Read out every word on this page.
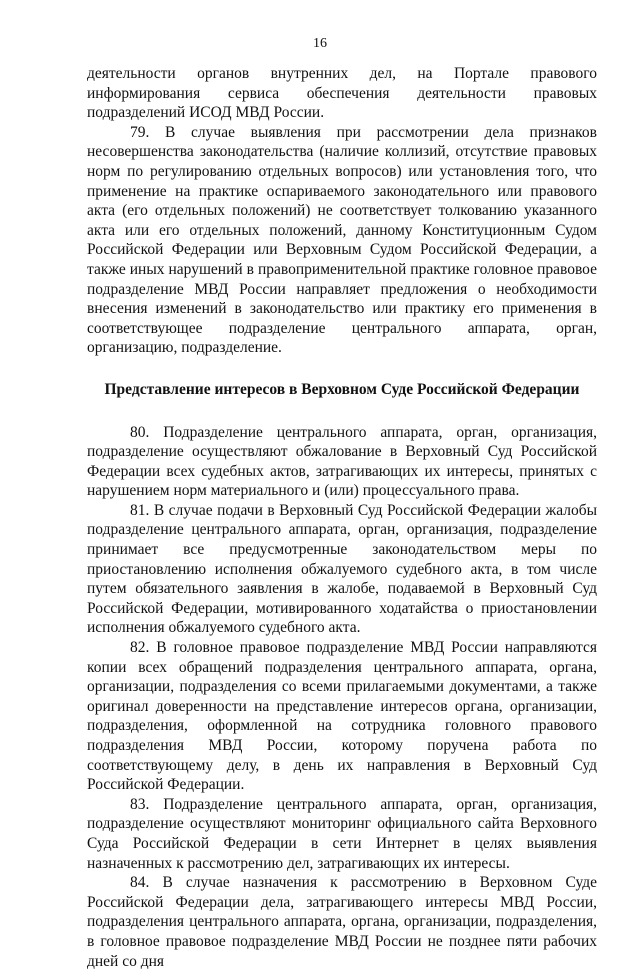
16

деятельности органов внутренних дел, на Портале правового информирования сервиса обеспечения деятельности правовых подразделений ИСОД МВД России.

79. В случае выявления при рассмотрении дела признаков несовершенства законодательства (наличие коллизий, отсутствие правовых норм по регулированию отдельных вопросов) или установления того, что применение на практике оспариваемого законодательного или правового акта (его отдельных положений) не соответствует толкованию указанного акта или его отдельных положений, данному Конституционным Судом Российской Федерации или Верховным Судом Российской Федерации, а также иных нарушений в правоприменительной практике головное правовое подразделение МВД России направляет предложения о необходимости внесения изменений в законодательство или практику его применения в соответствующее подразделение центрального аппарата, орган, организацию, подразделение.

Представление интересов в Верховном Суде Российской Федерации

80. Подразделение центрального аппарата, орган, организация, подразделение осуществляют обжалование в Верховный Суд Российской Федерации всех судебных актов, затрагивающих их интересы, принятых с нарушением норм материального и (или) процессуального права.

81. В случае подачи в Верховный Суд Российской Федерации жалобы подразделение центрального аппарата, орган, организация, подразделение принимает все предусмотренные законодательством меры по приостановлению исполнения обжалуемого судебного акта, в том числе путем обязательного заявления в жалобе, подаваемой в Верховный Суд Российской Федерации, мотивированного ходатайства о приостановлении исполнения обжалуемого судебного акта.

82. В головное правовое подразделение МВД России направляются копии всех обращений подразделения центрального аппарата, органа, организации, подразделения со всеми прилагаемыми документами, а также оригинал доверенности на представление интересов органа, организации, подразделения, оформленной на сотрудника головного правового подразделения МВД России, которому поручена работа по соответствующему делу, в день их направления в Верховный Суд Российской Федерации.

83. Подразделение центрального аппарата, орган, организация, подразделение осуществляют мониторинг официального сайта Верховного Суда Российской Федерации в сети Интернет в целях выявления назначенных к рассмотрению дел, затрагивающих их интересы.

84. В случае назначения к рассмотрению в Верховном Суде Российской Федерации дела, затрагивающего интересы МВД России, подразделения центрального аппарата, органа, организации, подразделения, в головное правовое подразделение МВД России не позднее пяти рабочих дней со дня
